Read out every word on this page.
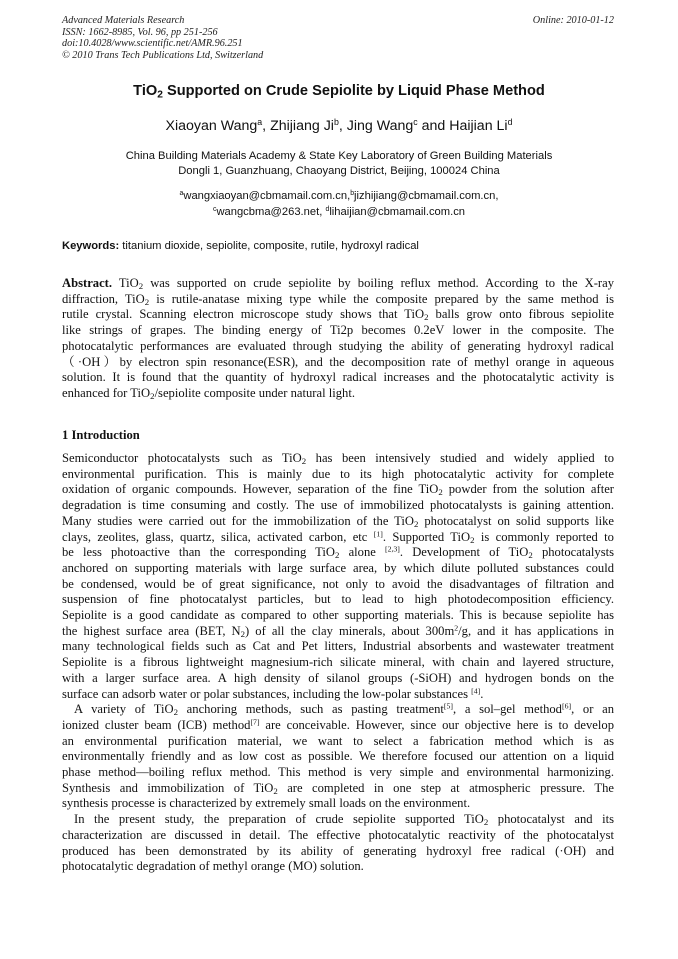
Advanced Materials Research
ISSN: 1662-8985, Vol. 96, pp 251-256
doi:10.4028/www.scientific.net/AMR.96.251
© 2010 Trans Tech Publications Ltd, Switzerland
Online: 2010-01-12
TiO$_2$ Supported on Crude Sepiolite by Liquid Phase Method
Xiaoyan Wang$^a$, Zhijiang Ji$^b$, Jing Wang$^c$ and Haijian Li$^d$
China Building Materials Academy & State Key Laboratory of Green Building Materials
Dongli 1, Guanzhuang, Chaoyang District, Beijing, 100024 China
$^a$wangxiaoyan@cbmamail.com.cn,$^b$jizhijiang@cbmamail.com.cn,
$^c$wangcbma@263.net, $^d$lihaijian@cbmamail.com.cn
Keywords: titanium dioxide, sepiolite, composite, rutile, hydroxyl radical
Abstract. TiO$_2$ was supported on crude sepiolite by boiling reflux method. According to the X-ray
diffraction, TiO$_2$ is rutile-anatase mixing type while the composite prepared by the same method is
rutile crystal. Scanning electron microscope study shows that TiO$_2$ balls grow onto fibrous sepiolite
like strings of grapes. The binding energy of Ti2p becomes 0.2eV lower in the composite. The
photocatalytic performances are evaluated through studying the ability of generating hydroxyl radical
（·OH）by electron spin resonance(ESR), and the decomposition rate of methyl orange in aqueous
solution. It is found that the quantity of hydroxyl radical increases and the photocatalytic activity is
enhanced for TiO$_2$/sepiolite composite under natural light.
1 Introduction
Semiconductor photocatalysts such as TiO$_2$ has been intensively studied and widely applied to
environmental purification. This is mainly due to its high photocatalytic activity for complete
oxidation of organic compounds. However, separation of the fine TiO$_2$ powder from the solution after
degradation is time consuming and costly. The use of immobilized photocatalysts is gaining attention.
Many studies were carried out for the immobilization of the TiO$_2$ photocatalyst on solid supports like
clays, zeolites, glass, quartz, silica, activated carbon, etc [1]. Supported TiO$_2$ is commonly reported to
be less photoactive than the corresponding TiO$_2$ alone [2,3]. Development of TiO$_2$ photocatalysts
anchored on supporting materials with large surface area, by which dilute polluted substances could
be condensed, would be of great significance, not only to avoid the disadvantages of filtration and
suspension of fine photocatalyst particles, but to lead to high photodecomposition efficiency.
Sepiolite is a good candidate as compared to other supporting materials. This is because sepiolite has
the highest surface area (BET, $N_2$) of all the clay minerals, about $300m^2/g$, and it has applications in
many technological fields such as Cat and Pet litters, Industrial absorbents and wastewater treatment
Sepiolite is a fibrous lightweight magnesium-rich silicate mineral, with chain and layered structure,
with a larger surface area. A high density of silanol groups (-SiOH) and hydrogen bonds on the
surface can adsorb water or polar substances, including the low-polar substances [4].
A variety of TiO$_2$ anchoring methods, such as pasting treatment[5], a sol–gel method[6], or an
ionized cluster beam (ICB) method[7] are conceivable. However, since our objective here is to develop
an environmental purification material, we want to select a fabrication method which is as
environmentally friendly and as low cost as possible. We therefore focused our attention on a liquid
phase method—boiling reflux method. This method is very simple and environmental harmonizing.
Synthesis and immobilization of TiO$_2$ are completed in one step at atmospheric pressure. The
synthesis processe is characterized by extremely small loads on the environment.
In the present study, the preparation of crude sepiolite supported TiO$_2$ photocatalyst and its
characterization are discussed in detail. The effective photocatalytic reactivity of the photocatalyst
produced has been demonstrated by its ability of generating hydroxyl free radical (·OH) and
photocatalytic degradation of methyl orange (MO) solution.
